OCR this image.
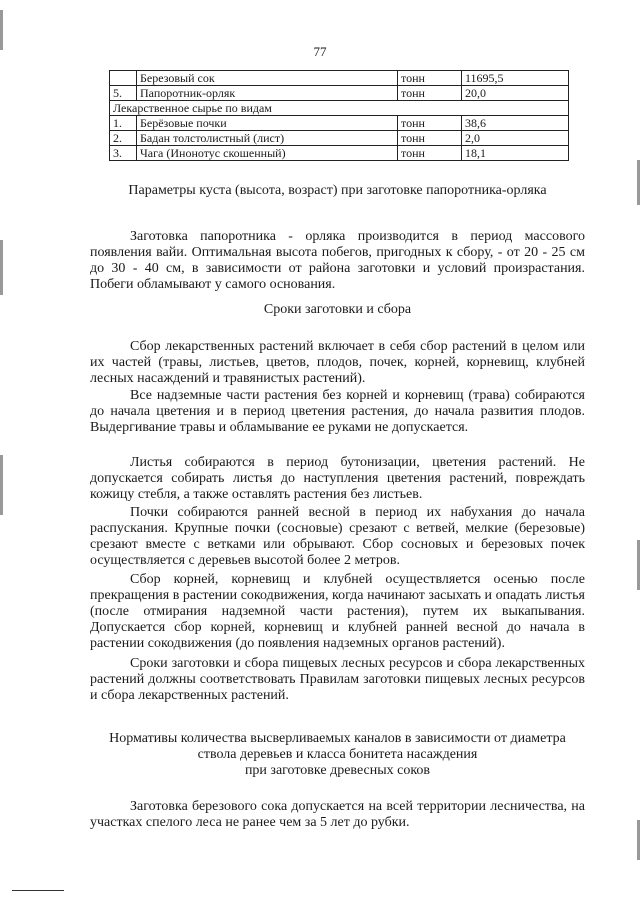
77
	Березовый сок	тонн	11695,5
5.	Папоротник-орляк	тонн	20,0
Лекарственное сырье по видам			
1.	Берёзовые почки	тонн	38,6
2.	Бадан толстолистный (лист)	тонн	2,0
3.	Чага (Инонотус скошенный)	тонн	18,1
Параметры куста (высота, возраст) при заготовке папоротника-орляка
Заготовка папоротника - орляка производится в период массового появления вайи. Оптимальная высота побегов, пригодных к сбору, - от 20 - 25 см до 30 - 40 см, в зависимости от района заготовки и условий произрастания. Побеги обламывают у самого основания.
Сроки заготовки и сбора
Сбор лекарственных растений включает в себя сбор растений в целом или их частей (травы, листьев, цветов, плодов, почек, корней, корневищ, клубней лесных насаждений и травянистых растений).
Все надземные части растения без корней и корневищ (трава) собираются до начала цветения и в период цветения растения, до начала развития плодов. Выдергивание травы и обламывание ее руками не допускается.
Листья собираются в период бутонизации, цветения растений. Не допускается собирать листья до наступления цветения растений, повреждать кожицу стебля, а также оставлять растения без листьев.
Почки собираются ранней весной в период их набухания до начала распускания. Крупные почки (сосновые) срезают с ветвей, мелкие (березовые) срезают вместе с ветками или обрывают. Сбор сосновых и березовых почек осуществляется с деревьев высотой более 2 метров.
Сбор корней, корневищ и клубней осуществляется осенью после прекращения в растении сокодвижения, когда начинают засыхать и опадать листья (после отмирания надземной части растения), путем их выкапывания. Допускается сбор корней, корневищ и клубней ранней весной до начала в растении сокодвижения (до появления надземных органов растений).
Сроки заготовки и сбора пищевых лесных ресурсов и сбора лекарственных растений должны соответствовать Правилам заготовки пищевых лесных ресурсов и сбора лекарственных растений.
Нормативы количества высверливаемых каналов в зависимости от диаметра
ствола деревьев и класса бонитета насаждения
при заготовке древесных соков
Заготовка березового сока допускается на всей территории лесничества, на участках спелого леса не ранее чем за 5 лет до рубки.
